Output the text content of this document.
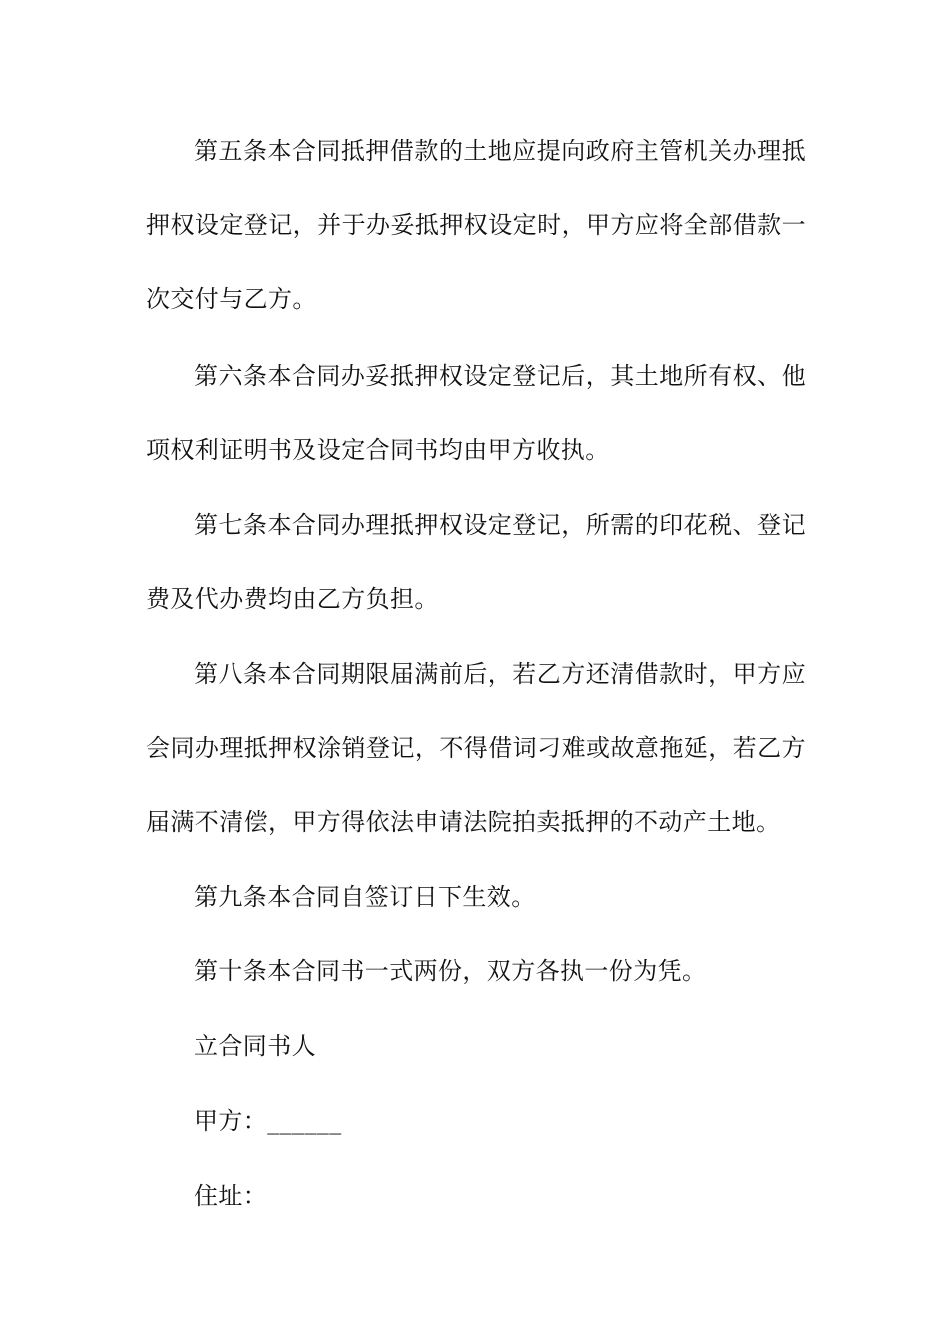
第五条本合同抵押借款的土地应提向政府主管机关办理抵押权设定登记，并于办妥抵押权设定时，甲方应将全部借款一次交付与乙方。

第六条本合同办妥抵押权设定登记后，其土地所有权、他项权利证明书及设定合同书均由甲方收执。

第七条本合同办理抵押权设定登记，所需的印花税、登记费及代办费均由乙方负担。

第八条本合同期限届满前后，若乙方还清借款时，甲方应会同办理抵押权涂销登记，不得借词刁难或故意拖延，若乙方届满不清偿，甲方得依法申请法院拍卖抵押的不动产土地。

第九条本合同自签订日下生效。

第十条本合同书一式两份，双方各执一份为凭。

立合同书人

甲方：______

住址：
